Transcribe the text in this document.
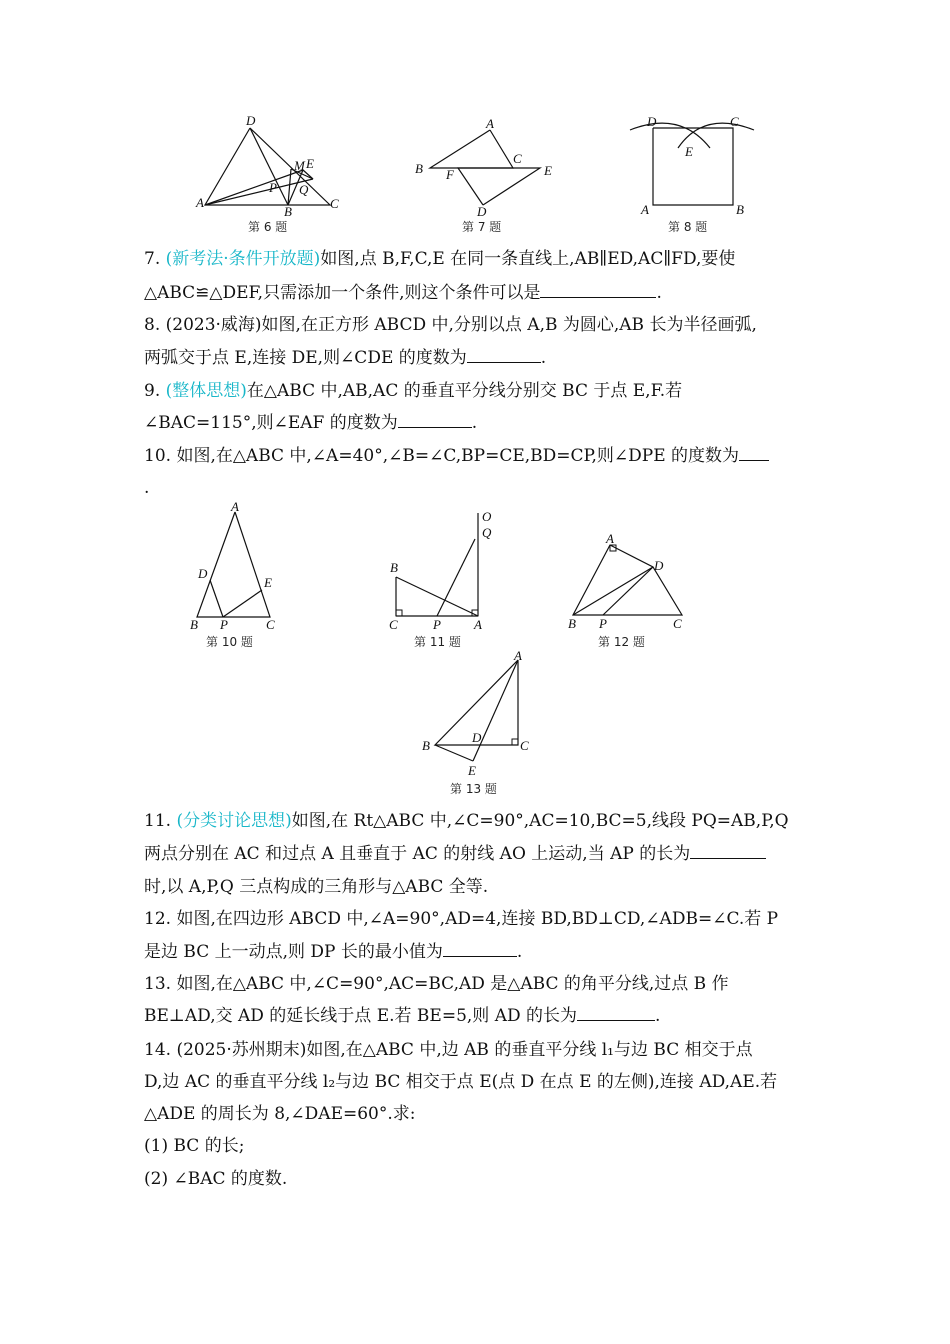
D
M E
P Q
A
B
C
第 6 题
A
B
C
E
F
D
第 7 题
D	C
E
A	B
第 8 题
7. (新考法·条件开放题)如图,点 B,F,C,E 在同一条直线上,AB∥ED,AC∥FD,要使
△ABC≌△DEF,只需添加一个条件,则这个条件可以是	.
8. (2023·威海)如图,在正方形 ABCD 中,分别以点 A,B 为圆心,AB 长为半径画弧,
两弧交于点 E,连接 DE,则∠CDE 的度数为	.
9. (整体思想)在△ABC 中,AB,AC 的垂直平分线分别交 BC 于点 E,F.若
∠BAC=115°,则∠EAF 的度数为	.
10. 如图,在△ABC 中,∠A=40°,∠B=∠C,BP=CE,BD=CP,则∠DPE 的度数为
.
A
D
E
B P	C
第 10 题
O
Q
B
C	P	A
第 11 题
A
D
B P	C
第 12 题
A
B
D
C
E
第 13 题
11. (分类讨论思想)如图,在 Rt△ABC 中,∠C=90°,AC=10,BC=5,线段 PQ=AB,P,Q
两点分别在 AC 和过点 A 且垂直于 AC 的射线 AO 上运动,当 AP 的长为
时,以 A,P,Q 三点构成的三角形与△ABC 全等.
12. 如图,在四边形 ABCD 中,∠A=90°,AD=4,连接 BD,BD⊥CD,∠ADB=∠C.若 P
是边 BC 上一动点,则 DP 长的最小值为	.
13. 如图,在△ABC 中,∠C=90°,AC=BC,AD 是△ABC 的角平分线,过点 B 作
BE⊥AD,交 AD 的延长线于点 E.若 BE=5,则 AD 的长为	.
14. (2025·苏州期末)如图,在△ABC 中,边 AB 的垂直平分线 l₁与边 BC 相交于点
D,边 AC 的垂直平分线 l₂与边 BC 相交于点 E(点 D 在点 E 的左侧),连接 AD,AE.若
△ADE 的周长为 8,∠DAE=60°.求:
(1) BC 的长;
(2) ∠BAC 的度数.
